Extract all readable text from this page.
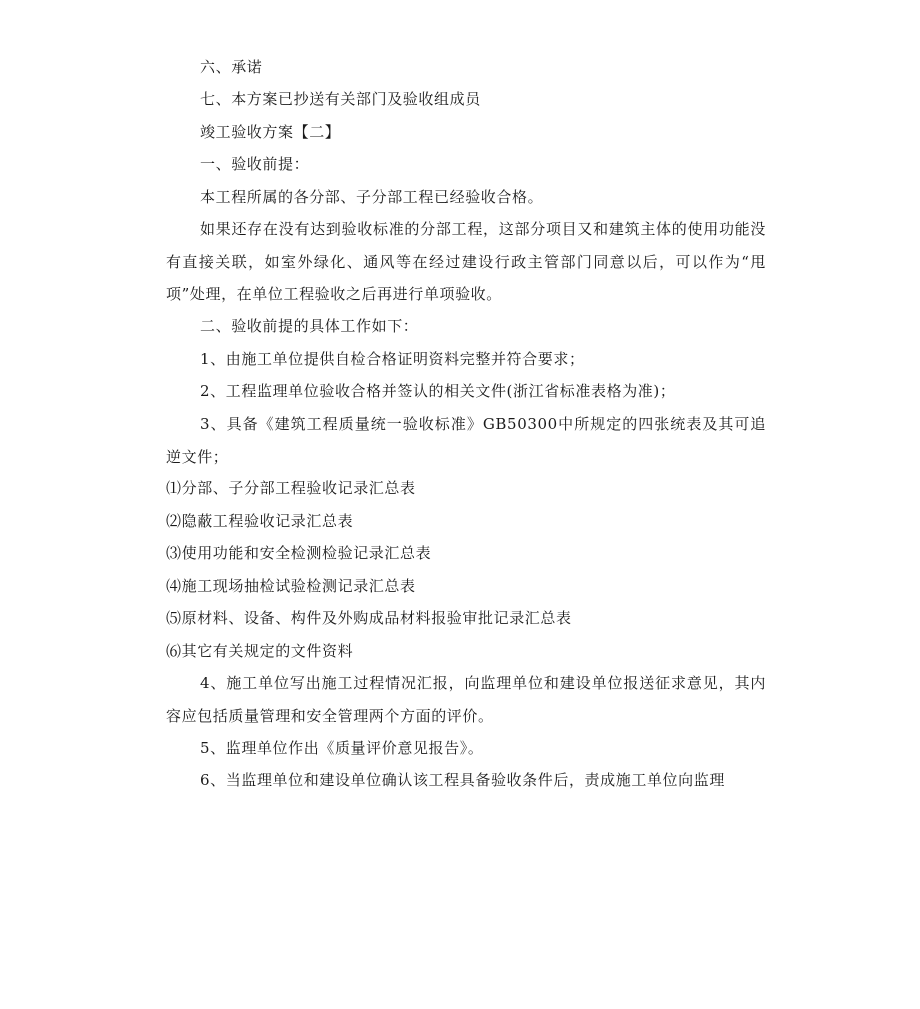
六、承诺
七、本方案已抄送有关部门及验收组成员
竣工验收方案【二】
一、验收前提：
本工程所属的各分部、子分部工程已经验收合格。
如果还存在没有达到验收标准的分部工程，这部分项目又和建筑主体的使用功能没有直接关联，如室外绿化、通风等在经过建设行政主管部门同意以后，可以作为“甩项”处理，在单位工程验收之后再进行单项验收。
二、验收前提的具体工作如下：
1、由施工单位提供自检合格证明资料完整并符合要求；
2、工程监理单位验收合格并签认的相关文件(浙江省标准表格为准)；
3、具备《建筑工程质量统一验收标准》GB50300中所规定的四张统表及其可追逆文件；
⑴分部、子分部工程验收记录汇总表
⑵隐蔽工程验收记录汇总表
⑶使用功能和安全检测检验记录汇总表
⑷施工现场抽检试验检测记录汇总表
⑸原材料、设备、构件及外购成品材料报验审批记录汇总表
⑹其它有关规定的文件资料
4、施工单位写出施工过程情况汇报，向监理单位和建设单位报送征求意见，其内容应包括质量管理和安全管理两个方面的评价。
5、监理单位作出《质量评价意见报告》。
6、当监理单位和建设单位确认该工程具备验收条件后，责成施工单位向监理
